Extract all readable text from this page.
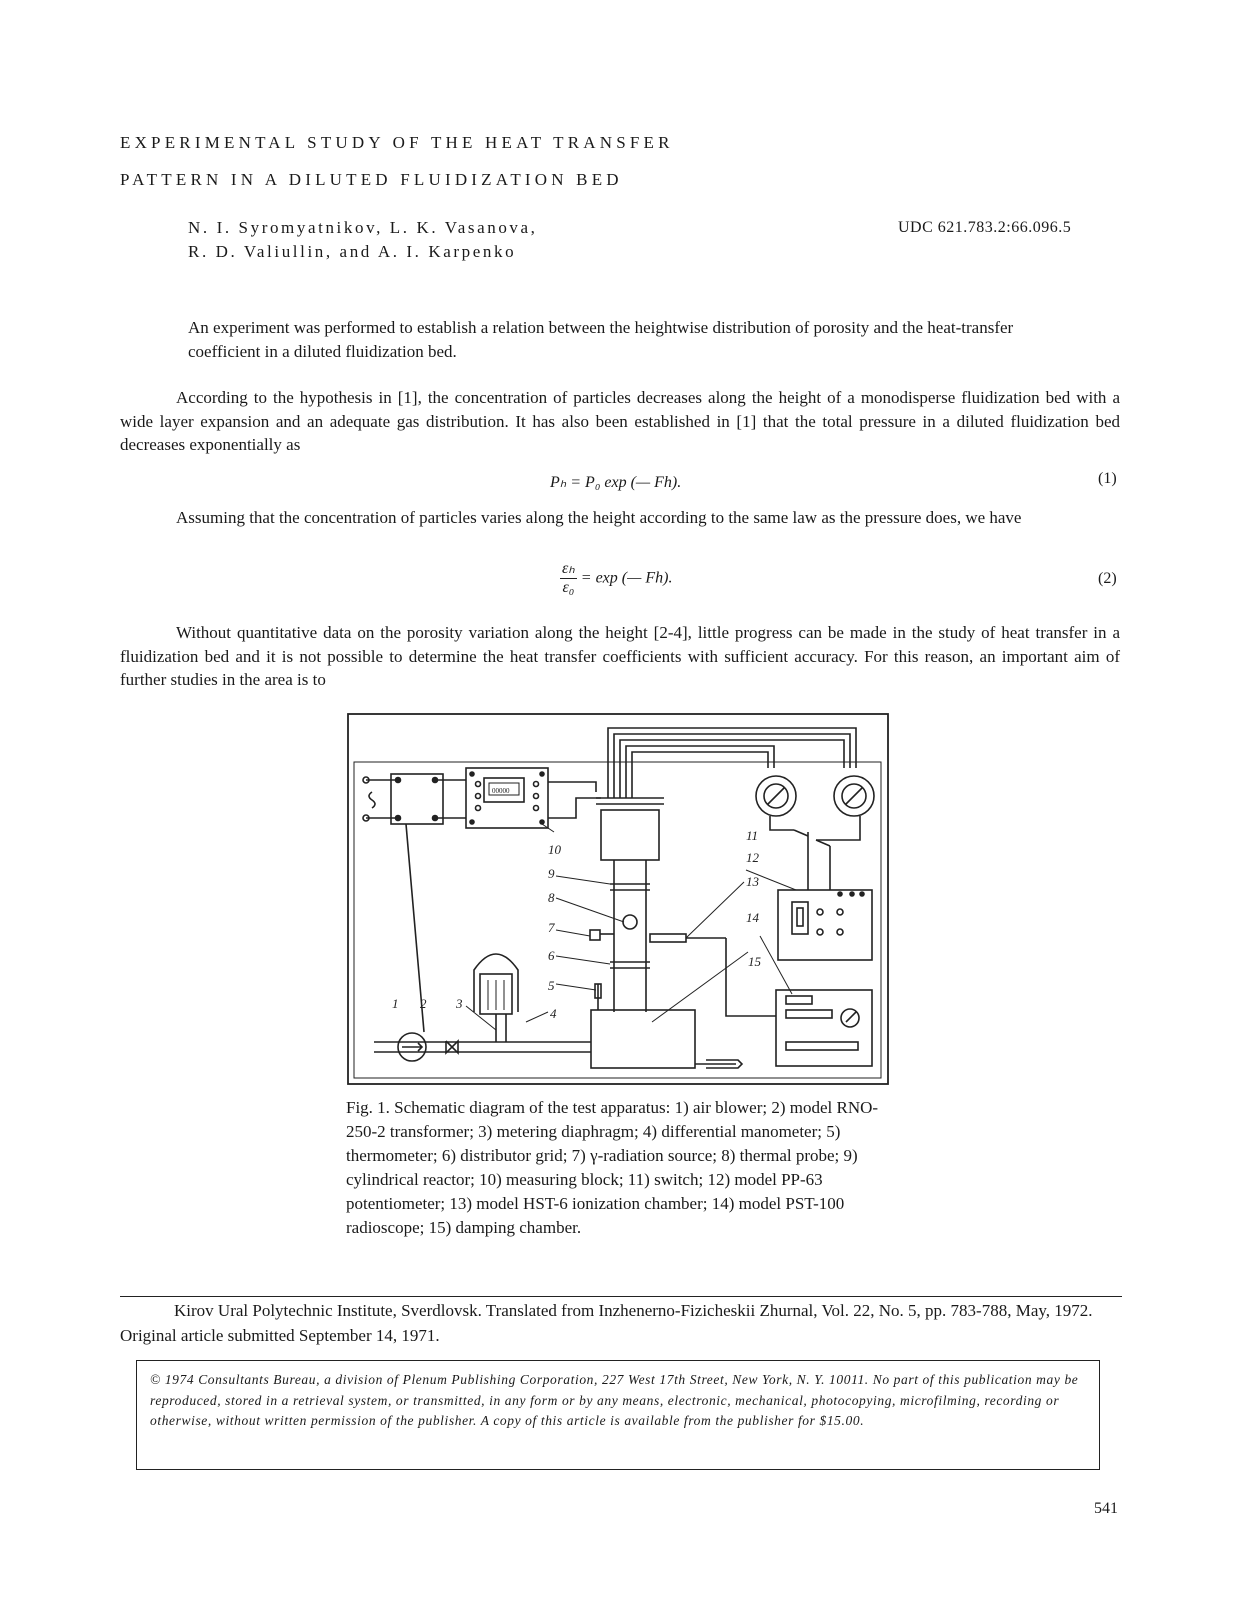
EXPERIMENTAL STUDY OF THE HEAT TRANSFER
PATTERN IN A DILUTED FLUIDIZATION BED
N. I. Syromyatnikov, L. K. Vasanova,
R. D. Valiullin, and A. I. Karpenko
UDC 621.783.2:66.096.5
An experiment was performed to establish a relation between the heightwise distribution of porosity and the heat-transfer coefficient in a diluted fluidization bed.
According to the hypothesis in [1], the concentration of particles decreases along the height of a monodisperse fluidization bed with a wide layer expansion and an adequate gas distribution. It has also been established in [1] that the total pressure in a diluted fluidization bed decreases exponentially as
Pₕ = P₀ exp (— Fh).	(1)
Assuming that the concentration of particles varies along the height according to the same law as the pressure does, we have
$\frac{\text{εₕ}}{\text{ε₀}} = \exp$ (— Fh).	(2)
Without quantitative data on the porosity variation along the height [2-4], little progress can be made in the study of heat transfer in a fluidization bed and it is not possible to determine the heat transfer coefficients with sufficient accuracy. For this reason, an important aim of further studies in the area is to
1 2 3
4
5
6
7
8
9
10
11
12
13
14
15
00000
Fig. 1. Schematic diagram of the test apparatus: 1) air blower; 2) model RNO-250-2 transformer; 3) metering diaphragm; 4) differential manometer; 5) thermometer; 6) distributor grid; 7) γ-radiation source; 8) thermal probe; 9) cylindrical reactor; 10) measuring block; 11) switch; 12) model PP-63 potentiometer; 13) model HST-6 ionization chamber; 14) model PST-100 radioscope; 15) damping chamber.
Kirov Ural Polytechnic Institute, Sverdlovsk. Translated from Inzhenerno-Fizicheskii Zhurnal, Vol. 22, No. 5, pp. 783-788, May, 1972. Original article submitted September 14, 1971.
© 1974 Consultants Bureau, a division of Plenum Publishing Corporation, 227 West 17th Street, New York, N. Y. 10011. No part of this publication may be reproduced, stored in a retrieval system, or transmitted, in any form or by any means, electronic, mechanical, photocopying, microfilming, recording or otherwise, without written permission of the publisher. A copy of this article is available from the publisher for $15.00.
541
